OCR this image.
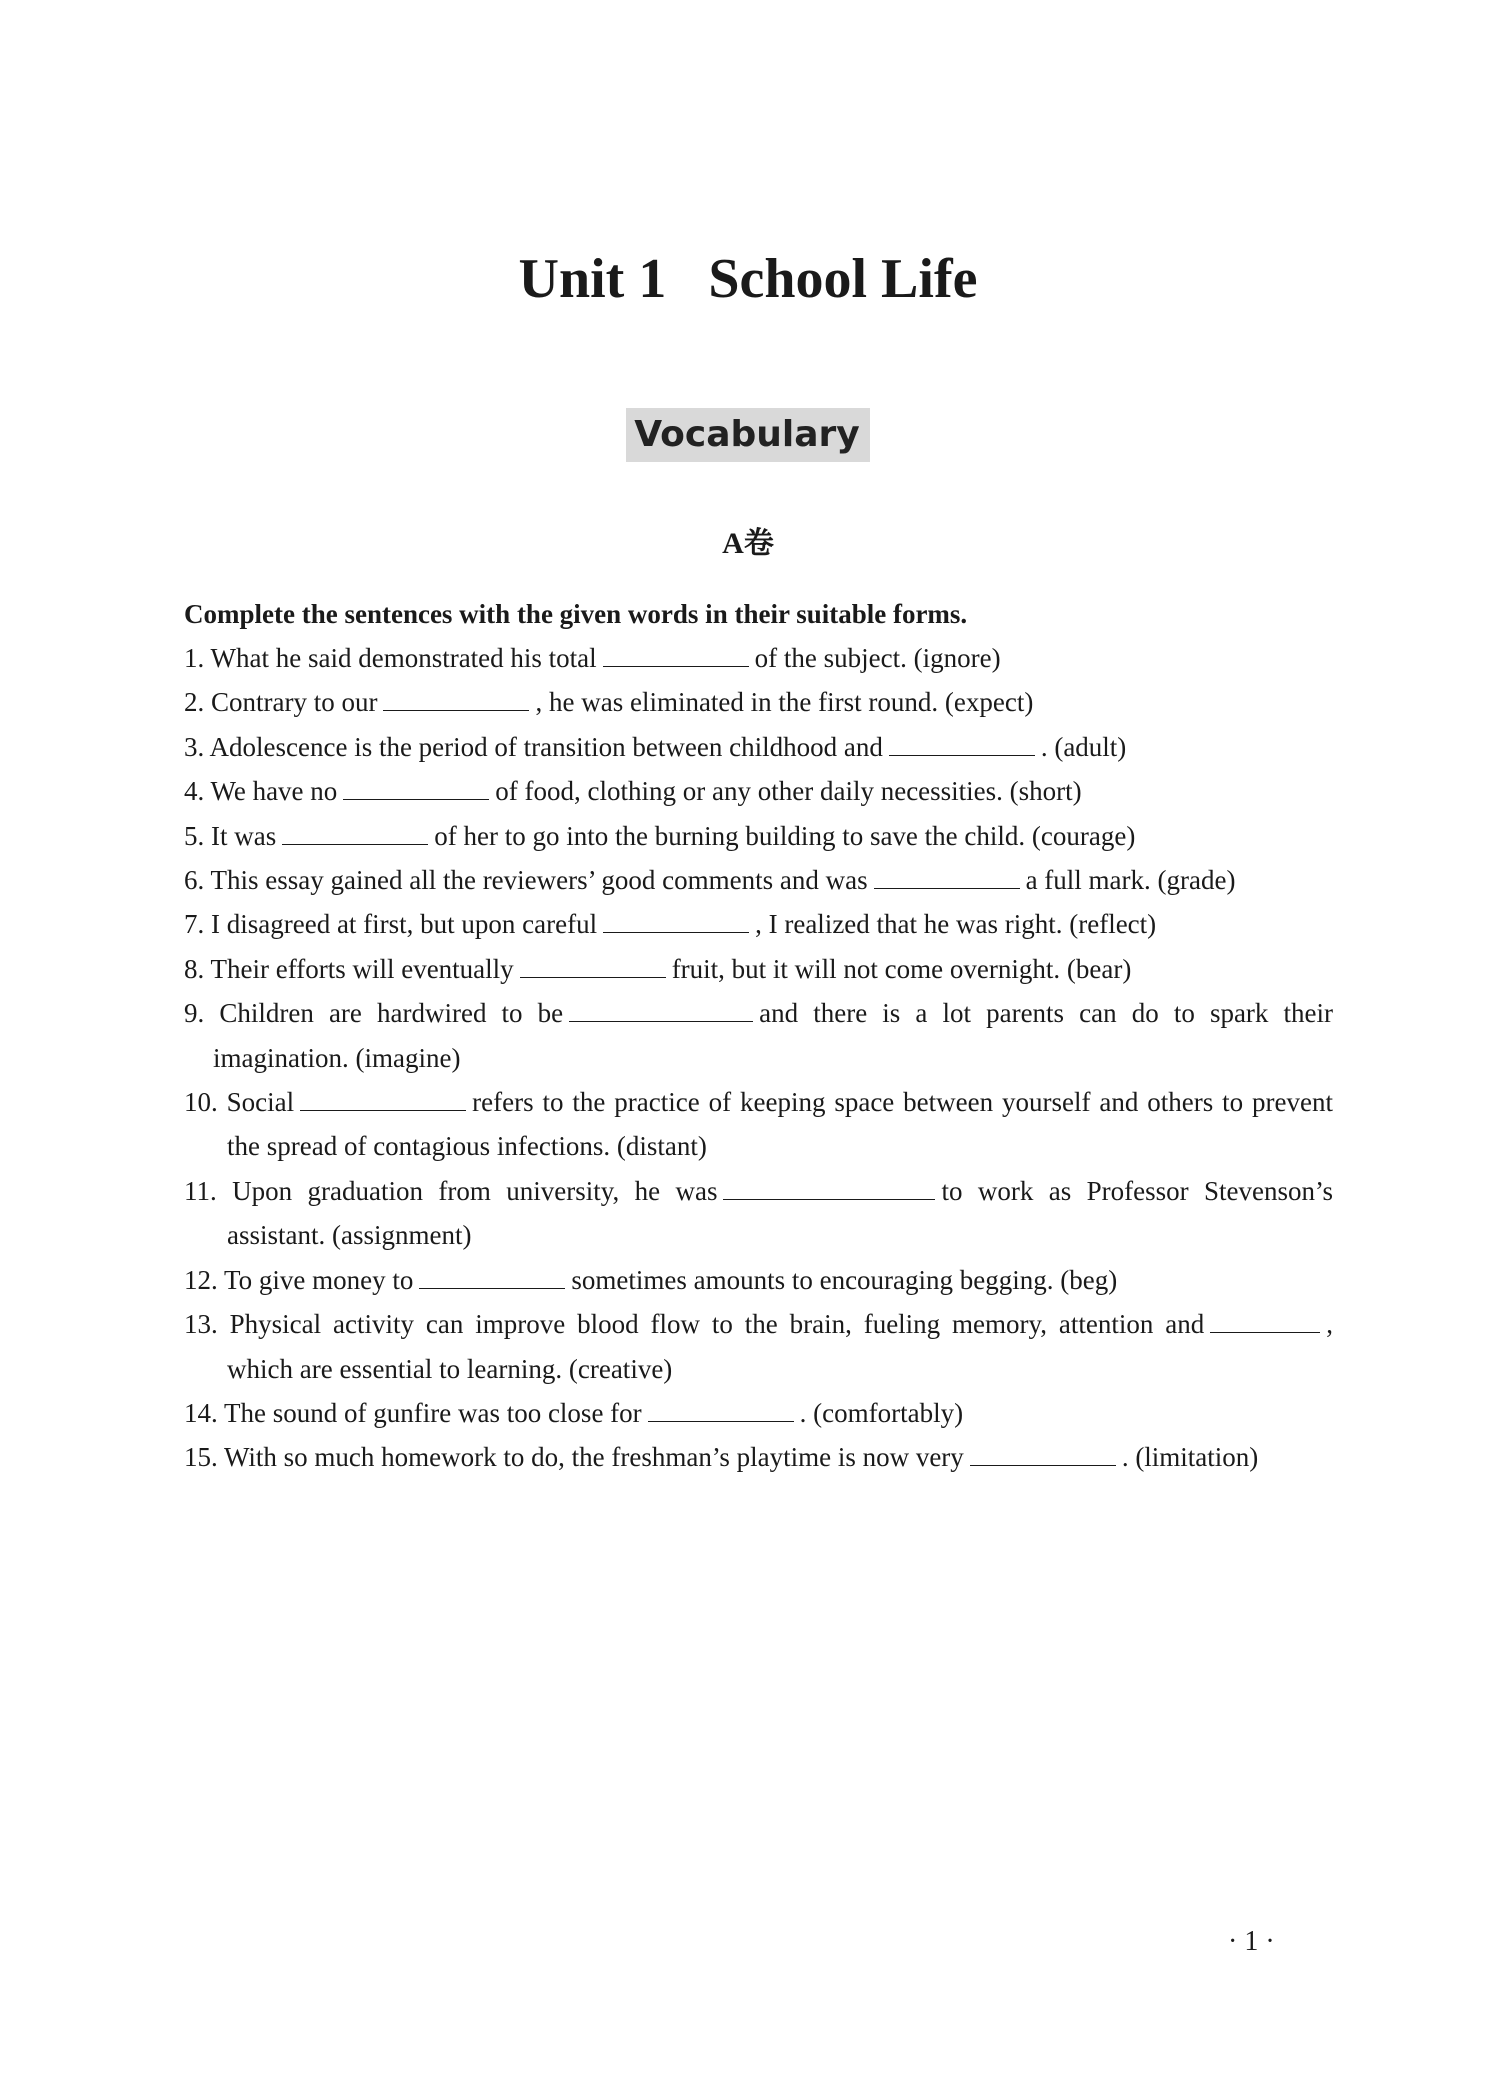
Unit 1   School Life
Vocabulary
A卷

Complete the sentences with the given words in their suitable forms.

1. What he said demonstrated his total	of the subject. (ignore)
2. Contrary to our	, he was eliminated in the first round. (expect)
3. Adolescence is the period of transition between childhood and	. (adult)
4. We have no	of food, clothing or any other daily necessities. (short)
5. It was	of her to go into the burning building to save the child. (courage)
6. This essay gained all the reviewers’ good comments and was	a full mark. (grade)
7. I disagreed at first, but upon careful	, I realized that he was right. (reflect)
8. Their efforts will eventually	fruit, but it will not come overnight. (bear)
9. Children are hardwired to be	and there is a lot parents can do to spark their imagination. (imagine)
10. Social	refers to the practice of keeping space between yourself and others to prevent the spread of contagious infections. (distant)
11. Upon graduation from university, he was	to work as Professor Stevenson’s assistant. (assignment)
12. To give money to	sometimes amounts to encouraging begging. (beg)
13. Physical activity can improve blood flow to the brain, fueling memory, attention and	, which are essential to learning. (creative)
14. The sound of gunfire was too close for	. (comfortably)
15. With so much homework to do, the freshman’s playtime is now very	. (limitation)
· 1 ·
